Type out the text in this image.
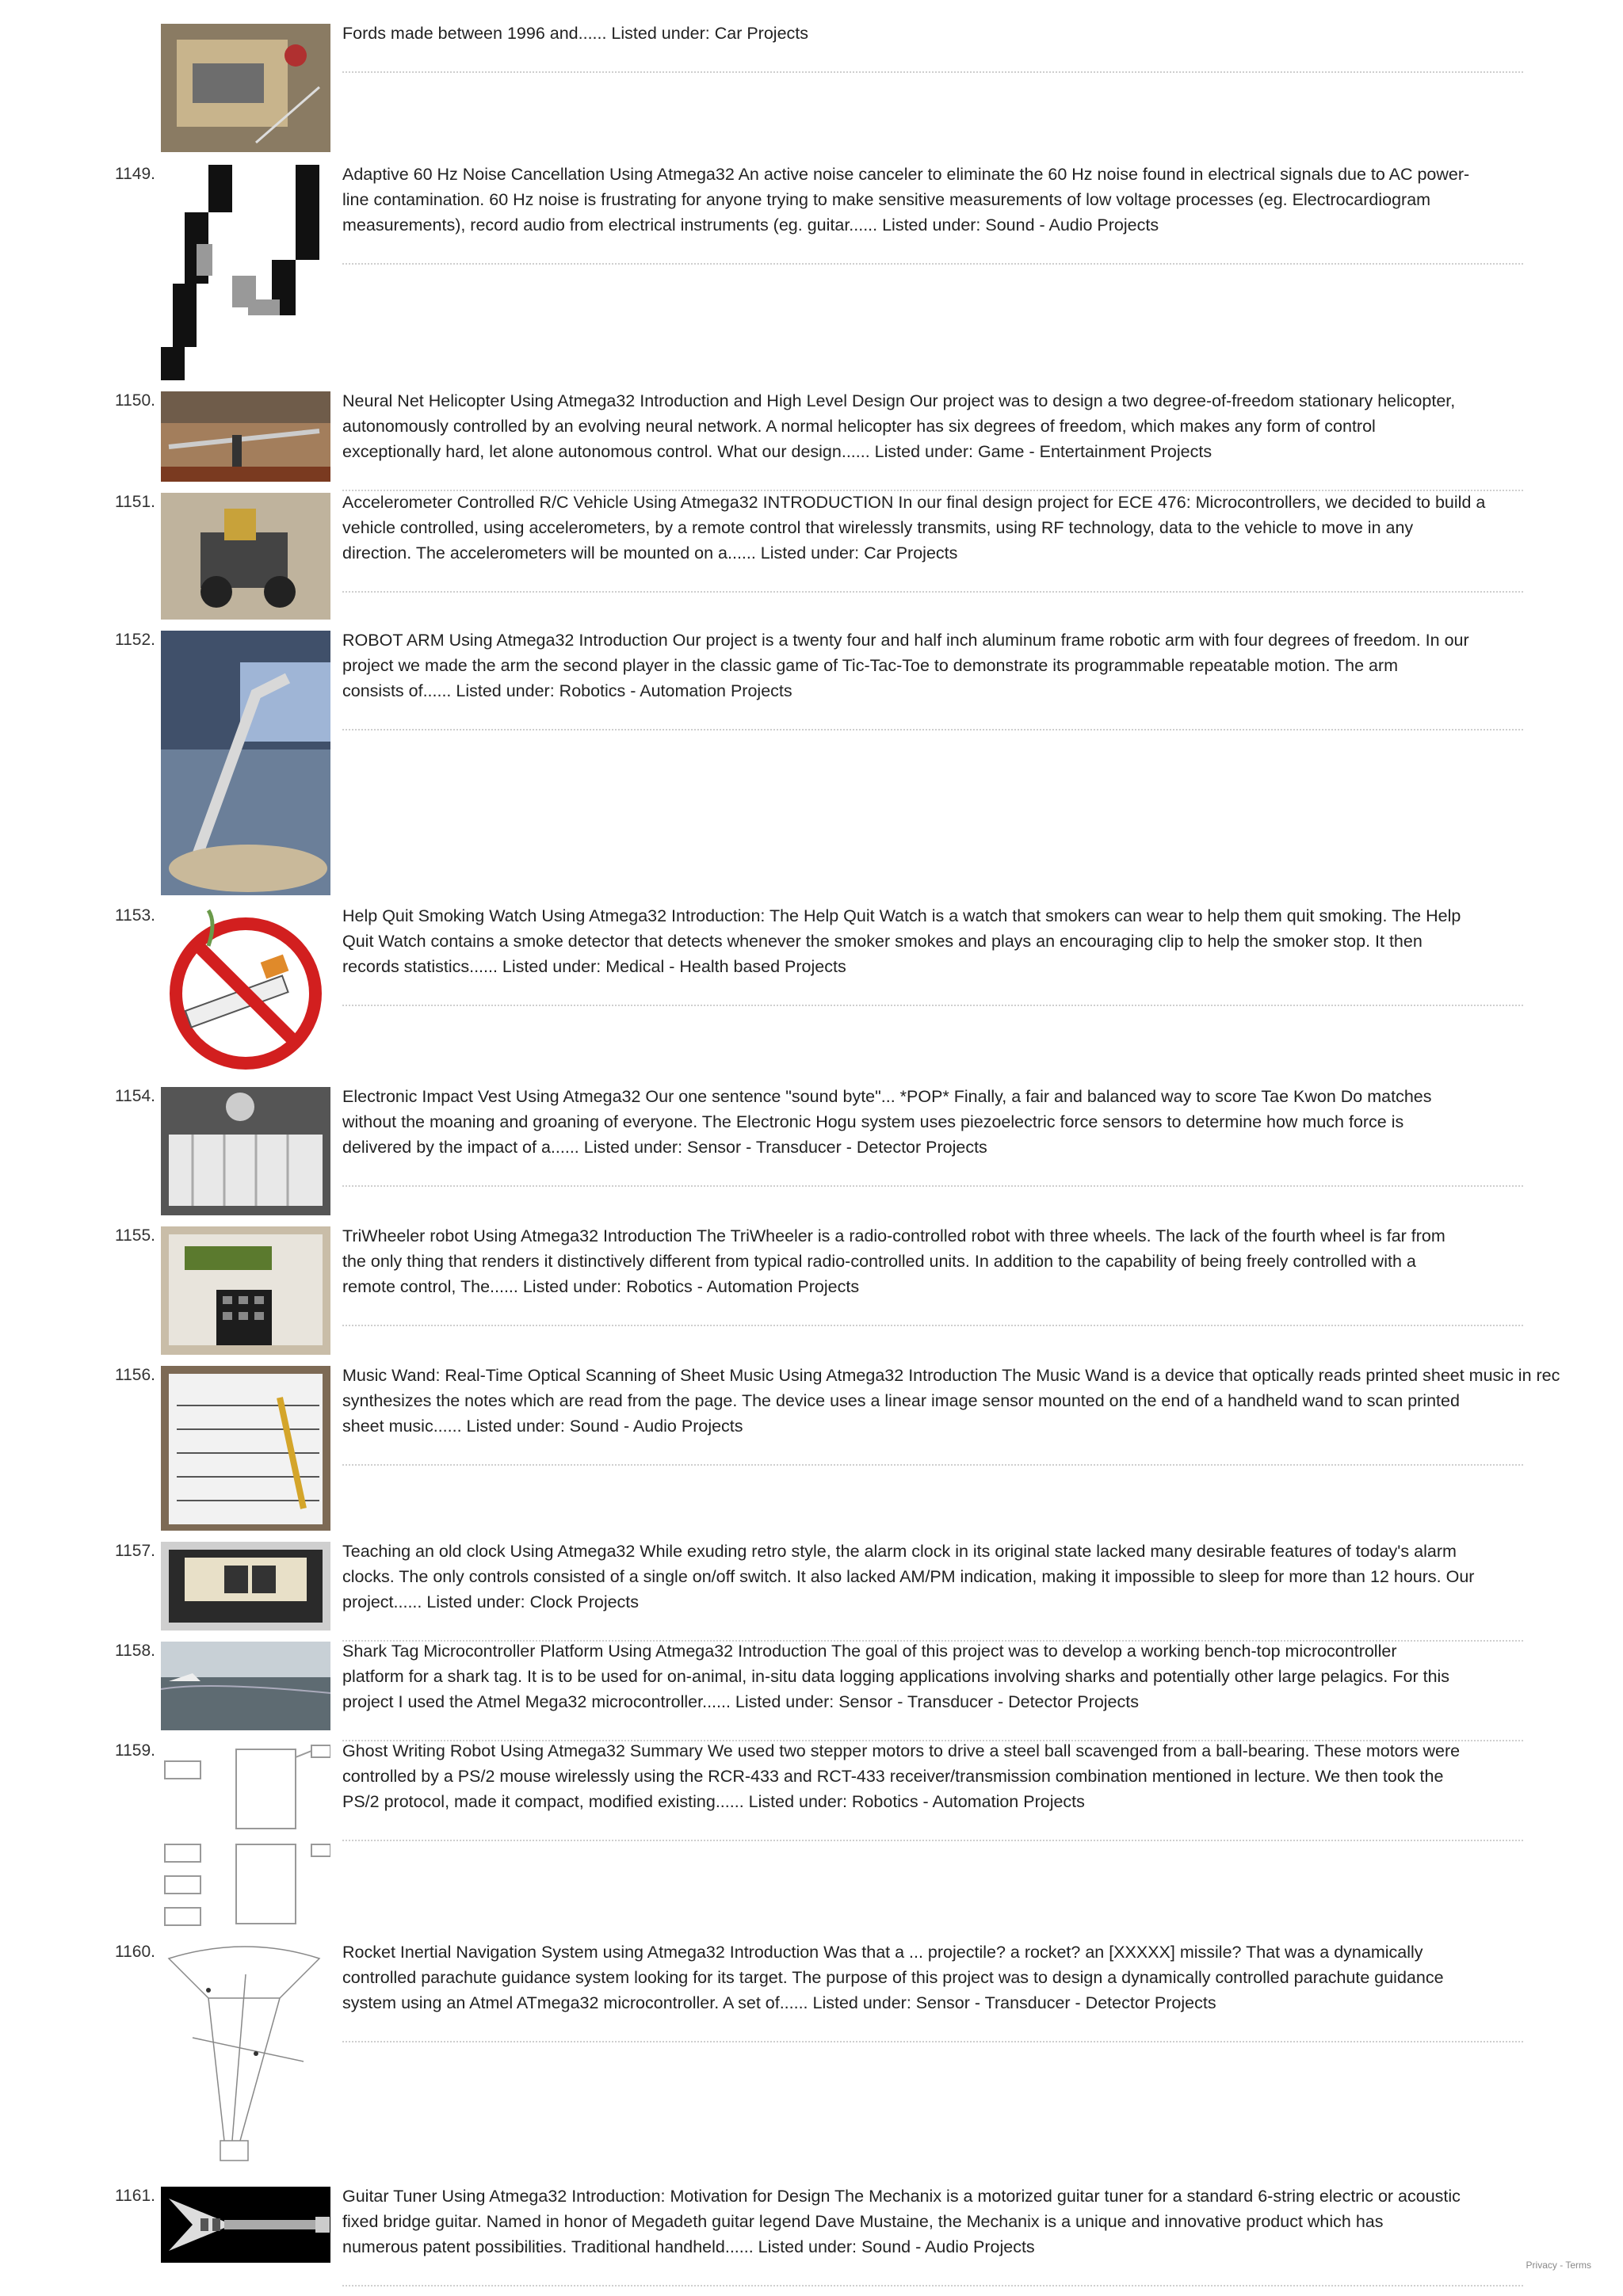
Fords made between 1996 and...... Listed under: Car Projects
1149.	Adaptive 60 Hz Noise Cancellation Using Atmega32 An active noise canceler to eliminate the 60 Hz noise found in electrical signals due to AC power-
line contamination. 60 Hz noise is frustrating for anyone trying to make sensitive measurements of low voltage processes (eg. Electrocardiogram
measurements), record audio from electrical instruments (eg. guitar...... Listed under: Sound - Audio Projects
1150.	Neural Net Helicopter Using Atmega32 Introduction and High Level Design Our project was to design a two degree-of-freedom stationary helicopter,
autonomously controlled by an evolving neural network. A normal helicopter has six degrees of freedom, which makes any form of control
exceptionally hard, let alone autonomous control. What our design...... Listed under: Game - Entertainment Projects
1151.	Accelerometer Controlled R/C Vehicle Using Atmega32 INTRODUCTION In our final design project for ECE 476: Microcontrollers, we decided to build a
vehicle controlled, using accelerometers, by a remote control that wirelessly transmits, using RF technology, data to the vehicle to move in any
direction. The accelerometers will be mounted on a...... Listed under: Car Projects
1152.	ROBOT ARM Using Atmega32 Introduction Our project is a twenty four and half inch aluminum frame robotic arm with four degrees of freedom. In our
project we made the arm the second player in the classic game of Tic-Tac-Toe to demonstrate its programmable repeatable motion. The arm
consists of...... Listed under: Robotics - Automation Projects
1153.	Help Quit Smoking Watch Using Atmega32 Introduction: The Help Quit Watch is a watch that smokers can wear to help them quit smoking. The Help
Quit Watch contains a smoke detector that detects whenever the smoker smokes and plays an encouraging clip to help the smoker stop. It then
records statistics...... Listed under: Medical - Health based Projects
1154.	Electronic Impact Vest Using Atmega32 Our one sentence "sound byte"... *POP* Finally, a fair and balanced way to score Tae Kwon Do matches
without the moaning and groaning of everyone. The Electronic Hogu system uses piezoelectric force sensors to determine how much force is
delivered by the impact of a...... Listed under: Sensor - Transducer - Detector Projects
1155.	TriWheeler robot Using Atmega32 Introduction The TriWheeler is a radio-controlled robot with three wheels. The lack of the fourth wheel is far from
the only thing that renders it distinctively different from typical radio-controlled units. In addition to the capability of being freely controlled with a
remote control, The...... Listed under: Robotics - Automation Projects
1156.	Music Wand: Real-Time Optical Scanning of Sheet Music Using Atmega32 Introduction The Music Wand is a device that optically reads printed sheet music in rec
synthesizes the notes which are read from the page. The device uses a linear image sensor mounted on the end of a handheld wand to scan printed
sheet music...... Listed under: Sound - Audio Projects
1157.	Teaching an old clock Using Atmega32 While exuding retro style, the alarm clock in its original state lacked many desirable features of today's alarm
clocks. The only controls consisted of a single on/off switch. It also lacked AM/PM indication, making it impossible to sleep for more than 12 hours. Our
project...... Listed under: Clock Projects
1158.	Shark Tag Microcontroller Platform Using Atmega32 Introduction The goal of this project was to develop a working bench-top microcontroller
platform for a shark tag. It is to be used for on-animal, in-situ data logging applications involving sharks and potentially other large pelagics. For this
project I used the Atmel Mega32 microcontroller...... Listed under: Sensor - Transducer - Detector Projects
1159.	Ghost Writing Robot Using Atmega32 Summary We used two stepper motors to drive a steel ball scavenged from a ball-bearing. These motors were
controlled by a PS/2 mouse wirelessly using the RCR-433 and RCT-433 receiver/transmission combination mentioned in lecture. We then took the
PS/2 protocol, made it compact, modified existing...... Listed under: Robotics - Automation Projects
1160.	Rocket Inertial Navigation System using Atmega32 Introduction Was that a ... projectile? a rocket? an [XXXXX] missile? That was a dynamically
controlled parachute guidance system looking for its target. The purpose of this project was to design a dynamically controlled parachute guidance
system using an Atmel ATmega32 microcontroller. A set of...... Listed under: Sensor - Transducer - Detector Projects
1161.	Guitar Tuner Using Atmega32 Introduction: Motivation for Design The Mechanix is a motorized guitar tuner for a standard 6-string electric or acoustic
fixed bridge guitar. Named in honor of Megadeth guitar legend Dave Mustaine, the Mechanix is a unique and innovative product which has
numerous patent possibilities. Traditional handheld...... Listed under: Sound - Audio Projects
Privacy - Terms
